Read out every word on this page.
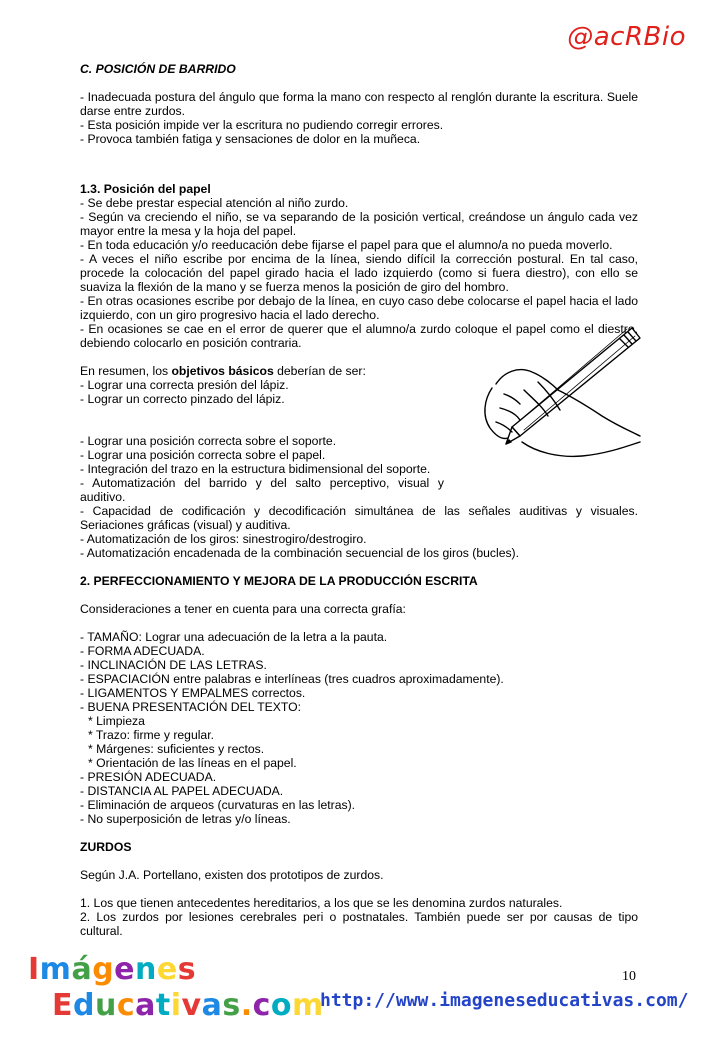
@acRBio

C. POSICIÓN DE BARRIDO

- Inadecuada postura del ángulo que forma la mano con respecto al renglón durante la escritura. Suele darse entre zurdos.

- Esta posición impide ver la escritura no pudiendo corregir errores.

- Provoca también fatiga y sensaciones de dolor en la muñeca.

1.3. Posición del papel

- Se debe prestar especial atención al niño zurdo.

- Según va creciendo el niño, se va separando de la posición vertical, creándose un ángulo cada vez mayor entre la mesa y la hoja del papel.

- En toda educación y/o reeducación debe fijarse el papel para que el alumno/a no pueda moverlo.

- A veces el niño escribe por encima de la línea, siendo difícil la corrección postural. En tal caso, procede la colocación del papel girado hacia el lado izquierdo (como si fuera diestro), con ello se suaviza la flexión de la mano y se fuerza menos la posición de giro del hombro.

- En otras ocasiones escribe por debajo de la línea, en cuyo caso debe colocarse el papel hacia el lado izquierdo, con un giro progresivo hacia el lado derecho.

- En ocasiones se cae en el error de querer que el alumno/a zurdo coloque el papel como el diestro, debiendo colocarlo en posición contraria.

En resumen, los objetivos básicos deberían de ser:

- Lograr una correcta presión del lápiz.

- Lograr un correcto pinzado del lápiz.

- Lograr una posición correcta sobre el soporte.

- Lograr una posición correcta sobre el papel.

- Integración del trazo en la estructura bidimensional del soporte.

- Automatización del barrido y del salto perceptivo, visual y auditivo.

- Capacidad de codificación y decodificación simultánea de las señales auditivas y visuales. Seriaciones gráficas (visual) y auditiva.

- Automatización de los giros: sinestrogiro/destrogiro.

- Automatización encadenada de la combinación secuencial de los giros (bucles).

2. PERFECCIONAMIENTO Y MEJORA DE LA PRODUCCIÓN ESCRITA

Consideraciones a tener en cuenta para una correcta grafía:

- TAMAÑO: Lograr una adecuación de la letra a la pauta.

- FORMA ADECUADA.

- INCLINACIÓN DE LAS LETRAS.

- ESPACIACIÓN entre palabras e interlíneas (tres cuadros aproximadamente).

- LIGAMENTOS Y EMPALMES correctos.

- BUENA PRESENTACIÓN DEL TEXTO:

* Limpieza

* Trazo: firme y regular.

* Márgenes: suficientes y rectos.

* Orientación de las líneas en el papel.

- PRESIÓN ADECUADA.

- DISTANCIA AL PAPEL ADECUADA.

- Eliminación de arqueos (curvaturas en las letras).

- No superposición de letras y/o líneas.

ZURDOS

Según J.A. Portellano, existen dos prototipos de zurdos.

1. Los que tienen antecedentes hereditarios, a los que se les denomina zurdos naturales.

2. Los zurdos por lesiones cerebrales peri o postnatales. También puede ser por causas de tipo cultural.

10
Imágenes
Educativas.com
http://www.imageneseducativas.com/
